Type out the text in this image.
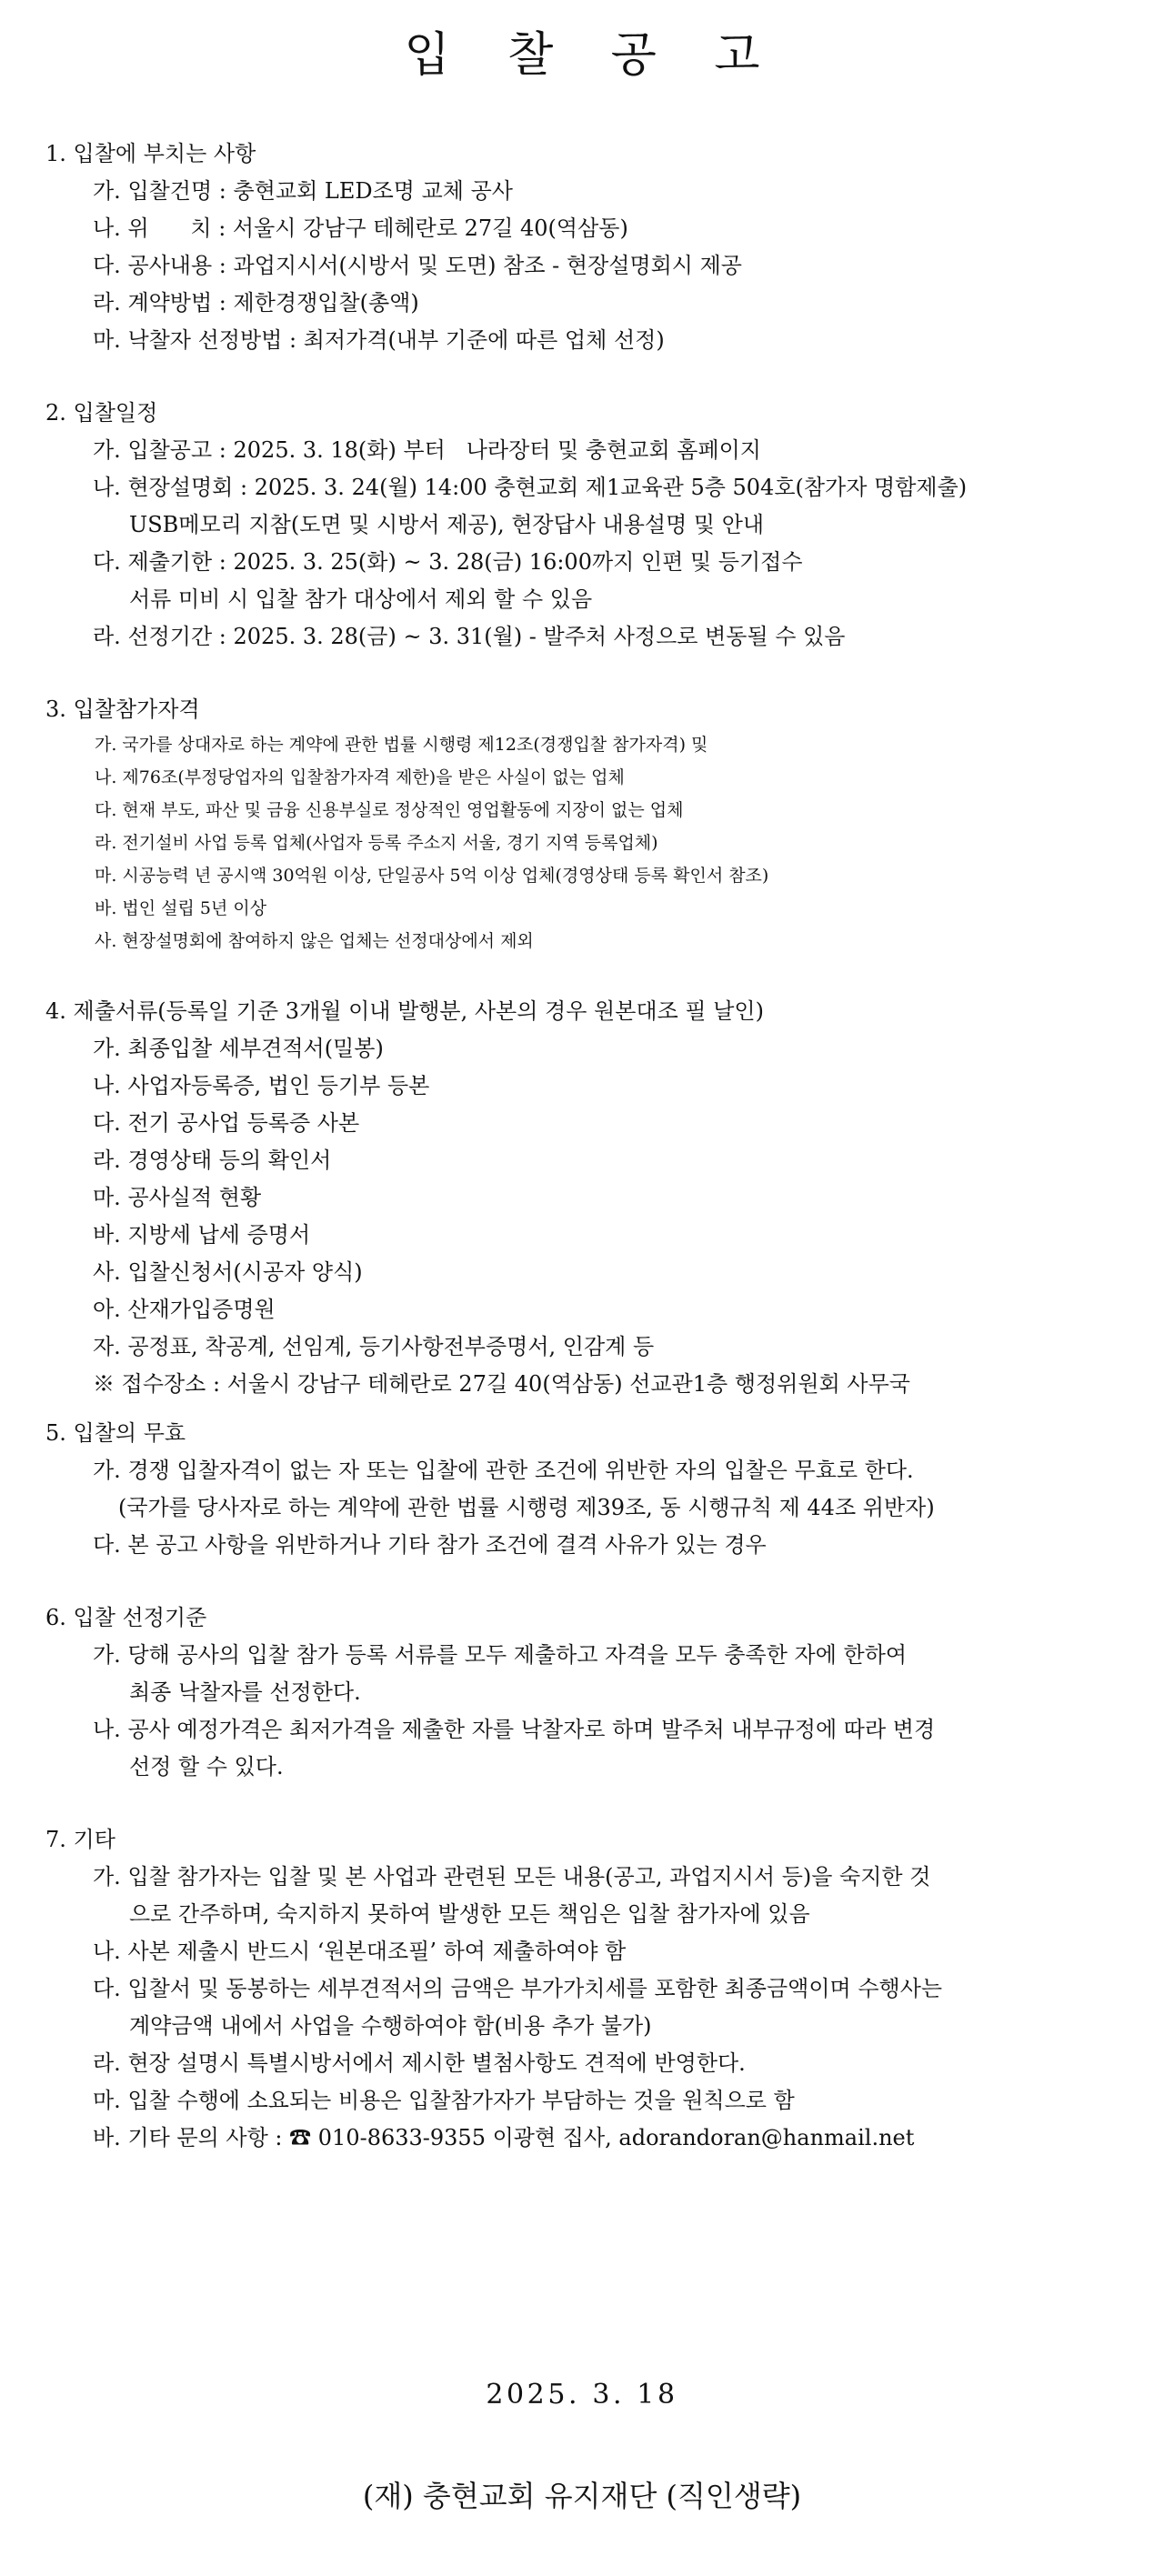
입 찰 공 고
1. 입찰에 부치는 사항
가. 입찰건명 : 충현교회 LED조명 교체 공사
나. 위      치 : 서울시 강남구 테헤란로 27길 40(역삼동)
다. 공사내용 : 과업지시서(시방서 및 도면) 참조 - 현장설명회시 제공
라. 계약방법 : 제한경쟁입찰(총액)
마. 낙찰자 선정방법 : 최저가격(내부 기준에 따른 업체 선정)
2. 입찰일정
가. 입찰공고 : 2025. 3. 18(화) 부터   나라장터 및 충현교회 홈페이지
나. 현장설명회 : 2025. 3. 24(월) 14:00 충현교회 제1교육관 5층 504호(참가자 명함제출)
USB메모리 지참(도면 및 시방서 제공), 현장답사 내용설명 및 안내
다. 제출기한 : 2025. 3. 25(화) ~ 3. 28(금) 16:00까지 인편 및 등기접수
서류 미비 시 입찰 참가 대상에서 제외 할 수 있음
라. 선정기간 : 2025. 3. 28(금) ~ 3. 31(월) - 발주처 사정으로 변동될 수 있음
3. 입찰참가자격
가. 국가를 상대자로 하는 계약에 관한 법률 시행령 제12조(경쟁입찰 참가자격) 및
나. 제76조(부정당업자의 입찰참가자격 제한)을 받은 사실이 없는 업체
다. 현재 부도, 파산 및 금융 신용부실로 정상적인 영업활동에 지장이 없는 업체
라. 전기설비 사업 등록 업체(사업자 등록 주소지 서울, 경기 지역 등록업체)
마. 시공능력 년 공시액 30억원 이상, 단일공사 5억 이상 업체(경영상태 등록 확인서 참조)
바. 법인 설립 5년 이상
사. 현장설명회에 참여하지 않은 업체는 선정대상에서 제외
4. 제출서류(등록일 기준 3개월 이내 발행분, 사본의 경우 원본대조 필 날인)
가. 최종입찰 세부견적서(밀봉)
나. 사업자등록증, 법인 등기부 등본
다. 전기 공사업 등록증 사본
라. 경영상태 등의 확인서
마. 공사실적 현황
바. 지방세 납세 증명서
사. 입찰신청서(시공자 양식)
아. 산재가입증명원
자. 공정표, 착공계, 선임계, 등기사항전부증명서, 인감계 등
※ 접수장소 : 서울시 강남구 테헤란로 27길 40(역삼동) 선교관1층 행정위원회 사무국
5. 입찰의 무효
가. 경쟁 입찰자격이 없는 자 또는 입찰에 관한 조건에 위반한 자의 입찰은 무효로 한다.
(국가를 당사자로 하는 계약에 관한 법률 시행령 제39조, 동 시행규칙 제 44조 위반자)
다. 본 공고 사항을 위반하거나 기타 참가 조건에 결격 사유가 있는 경우
6. 입찰 선정기준
가. 당해 공사의 입찰 참가 등록 서류를 모두 제출하고 자격을 모두 충족한 자에 한하여
최종 낙찰자를 선정한다.
나. 공사 예정가격은 최저가격을 제출한 자를 낙찰자로 하며 발주처 내부규정에 따라 변경
선정 할 수 있다.
7. 기타
가. 입찰 참가자는 입찰 및 본 사업과 관련된 모든 내용(공고, 과업지시서 등)을 숙지한 것
으로 간주하며, 숙지하지 못하여 발생한 모든 책임은 입찰 참가자에 있음
나. 사본 제출시 반드시 ‘원본대조필’ 하여 제출하여야 함
다. 입찰서 및 동봉하는 세부견적서의 금액은 부가가치세를 포함한 최종금액이며 수행사는
계약금액 내에서 사업을 수행하여야 함(비용 추가 불가)
라. 현장 설명시 특별시방서에서 제시한 별첨사항도 견적에 반영한다.
마. 입찰 수행에 소요되는 비용은 입찰참가자가 부담하는 것을 원칙으로 함
바. 기타 문의 사항 : ☎ 010-8633-9355 이광현 집사, adorandoran@hanmail.net
2025. 3. 18
(재) 충현교회 유지재단 (직인생략)
